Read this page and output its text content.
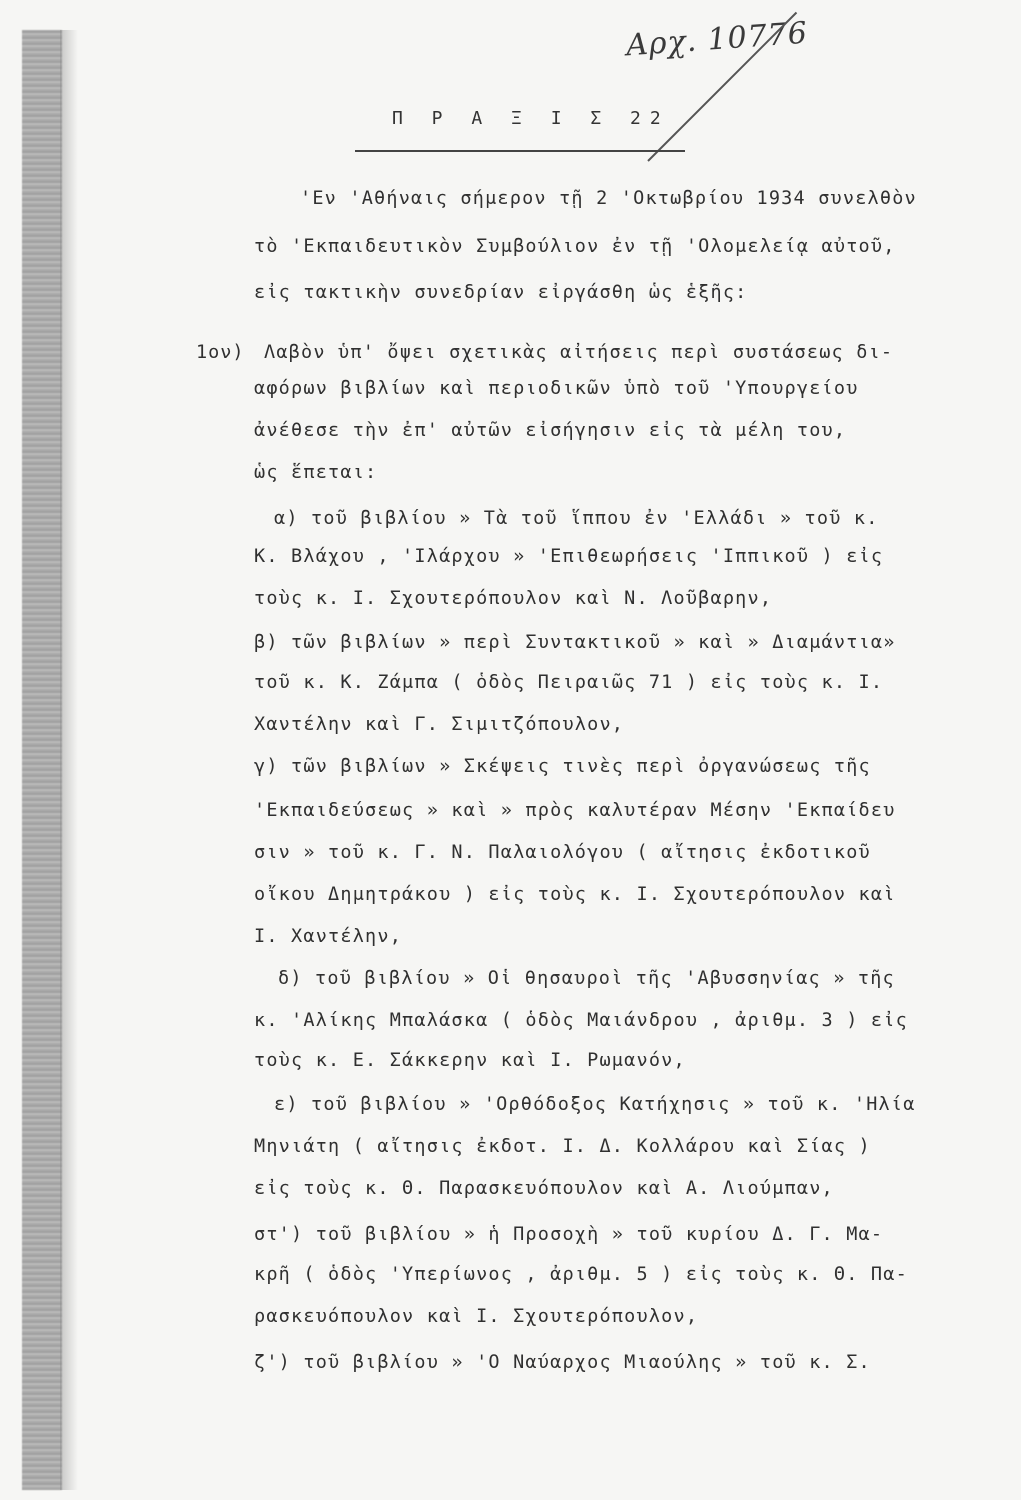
Αρχ. 10776
Π Ρ Α Ξ Ι Σ 22
1ον)
'Εν 'Αθήναις σήμερον τῇ 2 'Οκτωβρίου 1934 συνελθὸν
τὸ 'Εκπαιδευτικὸν Συμβούλιον ἐν τῇ 'Ολομελείᾳ αὐτοῦ,
εἰς τακτικὴν συνεδρίαν εἰργάσθη ὡς ἑξῆς:
Λαβὸν ὑπ' ὄψει σχετικὰς αἰτήσεις περὶ συστάσεως δι-
αφόρων βιβλίων καὶ περιοδικῶν ὑπὸ τοῦ 'Υπουργείου
ἀνέθεσε τὴν ἐπ' αὐτῶν εἰσήγησιν εἰς τὰ μέλη του,
ὡς ἕπεται:
α) τοῦ βιβλίου » Τὰ τοῦ ἵππου ἐν 'Ελλάδι » τοῦ κ.
Κ. Βλάχου , 'Ιλάρχου » 'Επιθεωρήσεις 'Ιππικοῦ ) εἰς
τοὺς κ. Ι. Σχουτερόπουλον καὶ Ν. Λοῦβαρην,
β) τῶν βιβλίων » περὶ Συντακτικοῦ » καὶ » Διαμάντια»
τοῦ κ. Κ. Ζάμπα ( ὁδὸς Πειραιῶς 71 ) εἰς τοὺς κ. Ι.
Χαντέλην καὶ Γ. Σιμιτζόπουλον,
γ) τῶν βιβλίων » Σκέψεις τινὲς περὶ ὀργανώσεως τῆς
'Εκπαιδεύσεως » καὶ » πρὸς καλυτέραν Μέσην 'Εκπαίδευ
σιν » τοῦ κ. Γ. Ν. Παλαιολόγου ( αἴτησις ἐκδοτικοῦ
οἴκου Δημητράκου ) εἰς τοὺς κ. Ι. Σχουτερόπουλον καὶ
Ι. Χαντέλην,
δ) τοῦ βιβλίου » Οἱ θησαυροὶ τῆς 'Αβυσσηνίας » τῆς
κ. 'Αλίκης Μπαλάσκα ( ὁδὸς Μαιάνδρου , ἀριθμ. 3 ) εἰς
τοὺς κ. Ε. Σάκκερην καὶ Ι. Ρωμανόν,
ε) τοῦ βιβλίου » 'Ορθόδοξος Κατήχησις » τοῦ κ. 'Ηλία
Μηνιάτη ( αἴτησις ἐκδοτ. Ι. Δ. Κολλάρου καὶ Σίας )
εἰς τοὺς κ. Θ. Παρασκευόπουλον καὶ Α. Λιούμπαν,
στ') τοῦ βιβλίου » ἡ Προσοχὴ » τοῦ κυρίου Δ. Γ. Μα-
κρῆ ( ὁδὸς 'Υπερίωνος , ἀριθμ. 5 ) εἰς τοὺς κ. Θ. Πα-
ρασκευόπουλον καὶ Ι. Σχουτερόπουλον,
ζ') τοῦ βιβλίου » 'Ο Ναύαρχος Μιαούλης » τοῦ κ. Σ.
